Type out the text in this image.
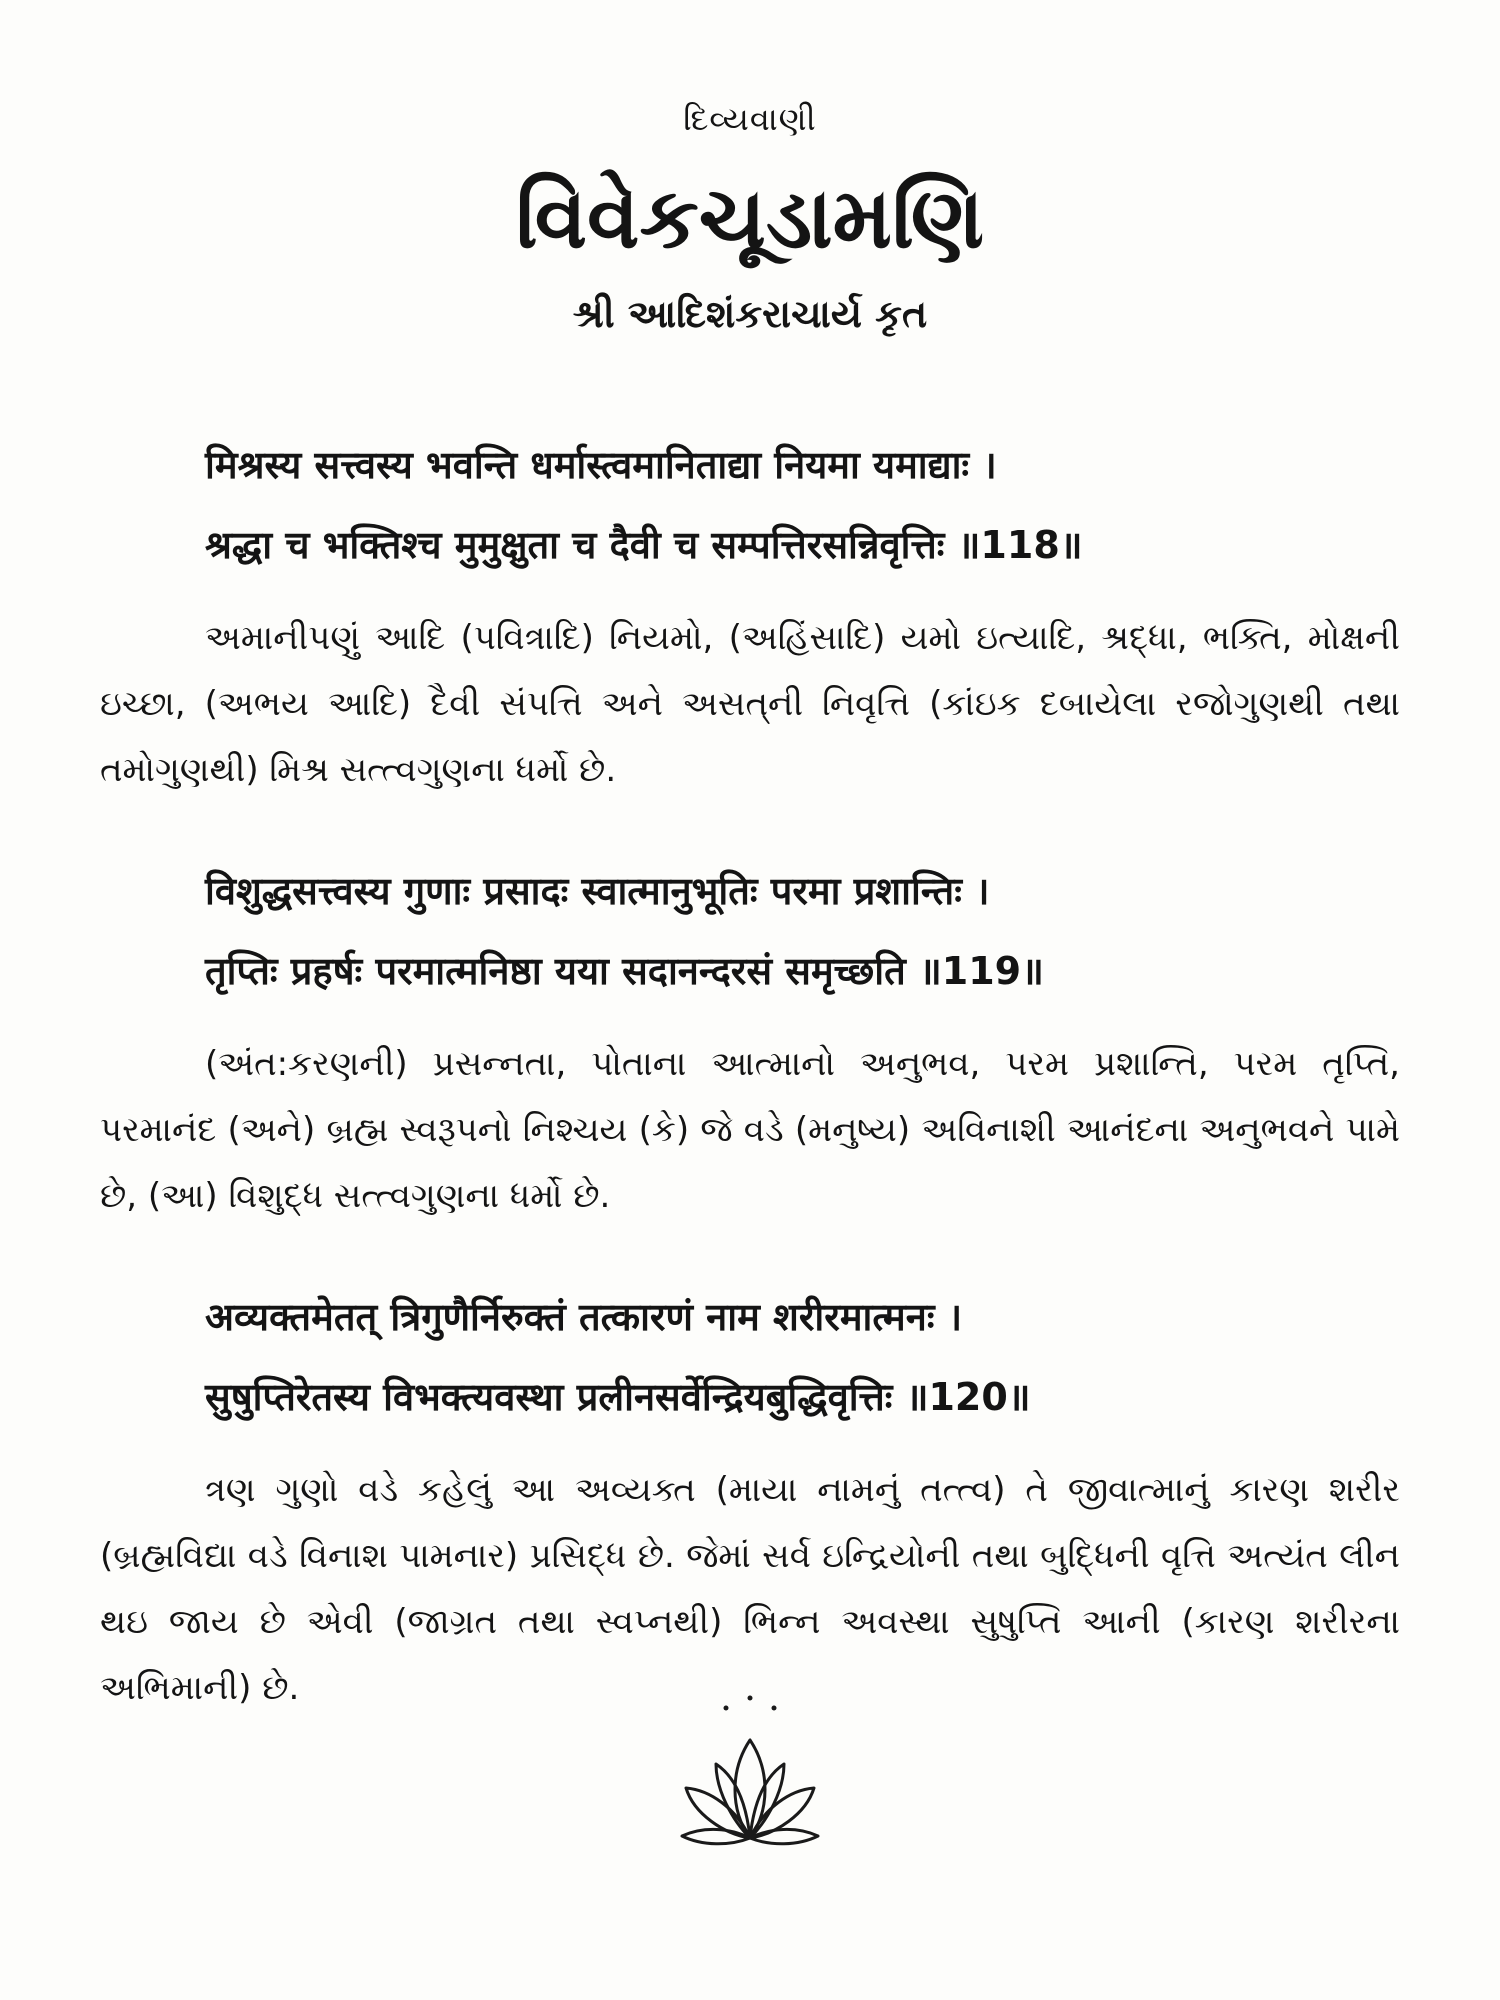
દિવ્યવાણી
વિવેકચૂડામણિ
શ્રી આદિશંકરાચાર્ય કૃત
मिश्रस्य सत्त्वस्य भवन्ति धर्मास्त्वमानिताद्या नियमा यमाद्याः ।
श्रद्धा च भक्तिश्च मुमुक्षुता च दैवी च सम्पत्तिरसन्निवृत्तिः ॥118॥

અમાનીપણું આદિ (પવિત્રાદિ) નિયમો, (અહિંસાદિ) યમો ઇત્યાદિ, શ્રદ્ધા, ભક્તિ, મોક્ષની ઇચ્છા, (અભય આદિ) દૈવી સંપત્તિ અને અસત્‌ની નિવૃત્તિ (કાંઇક દબાયેલા રજોગુણથી તથા તમોગુણથી) મિશ્ર સત્ત્વગુણના ધર્મો છે.

विशुद्धसत्त्वस्य गुणाः प्रसादः स्वात्मानुभूतिः परमा प्रशान्तिः ।
तृप्तिः प्रहर्षः परमात्मनिष्ठा यया सदानन्दरसं समृच्छति ॥119॥

(અંત:કરણની) પ્રસન્નતા, પોતાના આત્માનો અનુભવ, પરમ પ્રશાન્તિ, પરમ તૃપ્તિ, પરમાનંદ (અને) બ્રહ્મ સ્વરૂપનો નિશ્ચય (કે) જે વડે (મનુષ્ય) અવિનાશી આનંદના અનુભવને પામે છે, (આ) વિશુદ્ધ સત્ત્વગુણના ધર્મો છે.

अव्यक्तमेतत् त्रिगुणैर्निरुक्तं तत्कारणं नाम शरीरमात्मनः ।
सुषुप्तिरेतस्य विभक्त्यवस्था प्रलीनसर्वेन्द्रियबुद्धिवृत्तिः ॥120॥

ત્રણ ગુણો વડે કહેલું આ અવ્યક્ત (માયા નામનું તત્ત્વ) તે જીવાત્માનું કારણ શરીર (બ્રહ્મવિદ્યા વડે વિનાશ પામનાર) પ્રસિદ્ધ છે. જેમાં સર્વ ઇન્દ્રિયોની તથા બુદ્ધિની વૃત્તિ અત્યંત લીન થઇ જાય છે એવી (જાગ્રત તથા સ્વપ્નથી) ભિન્ન અવસ્થા સુષુપ્તિ આની (કારણ શરીરના અભિમાની) છે.
